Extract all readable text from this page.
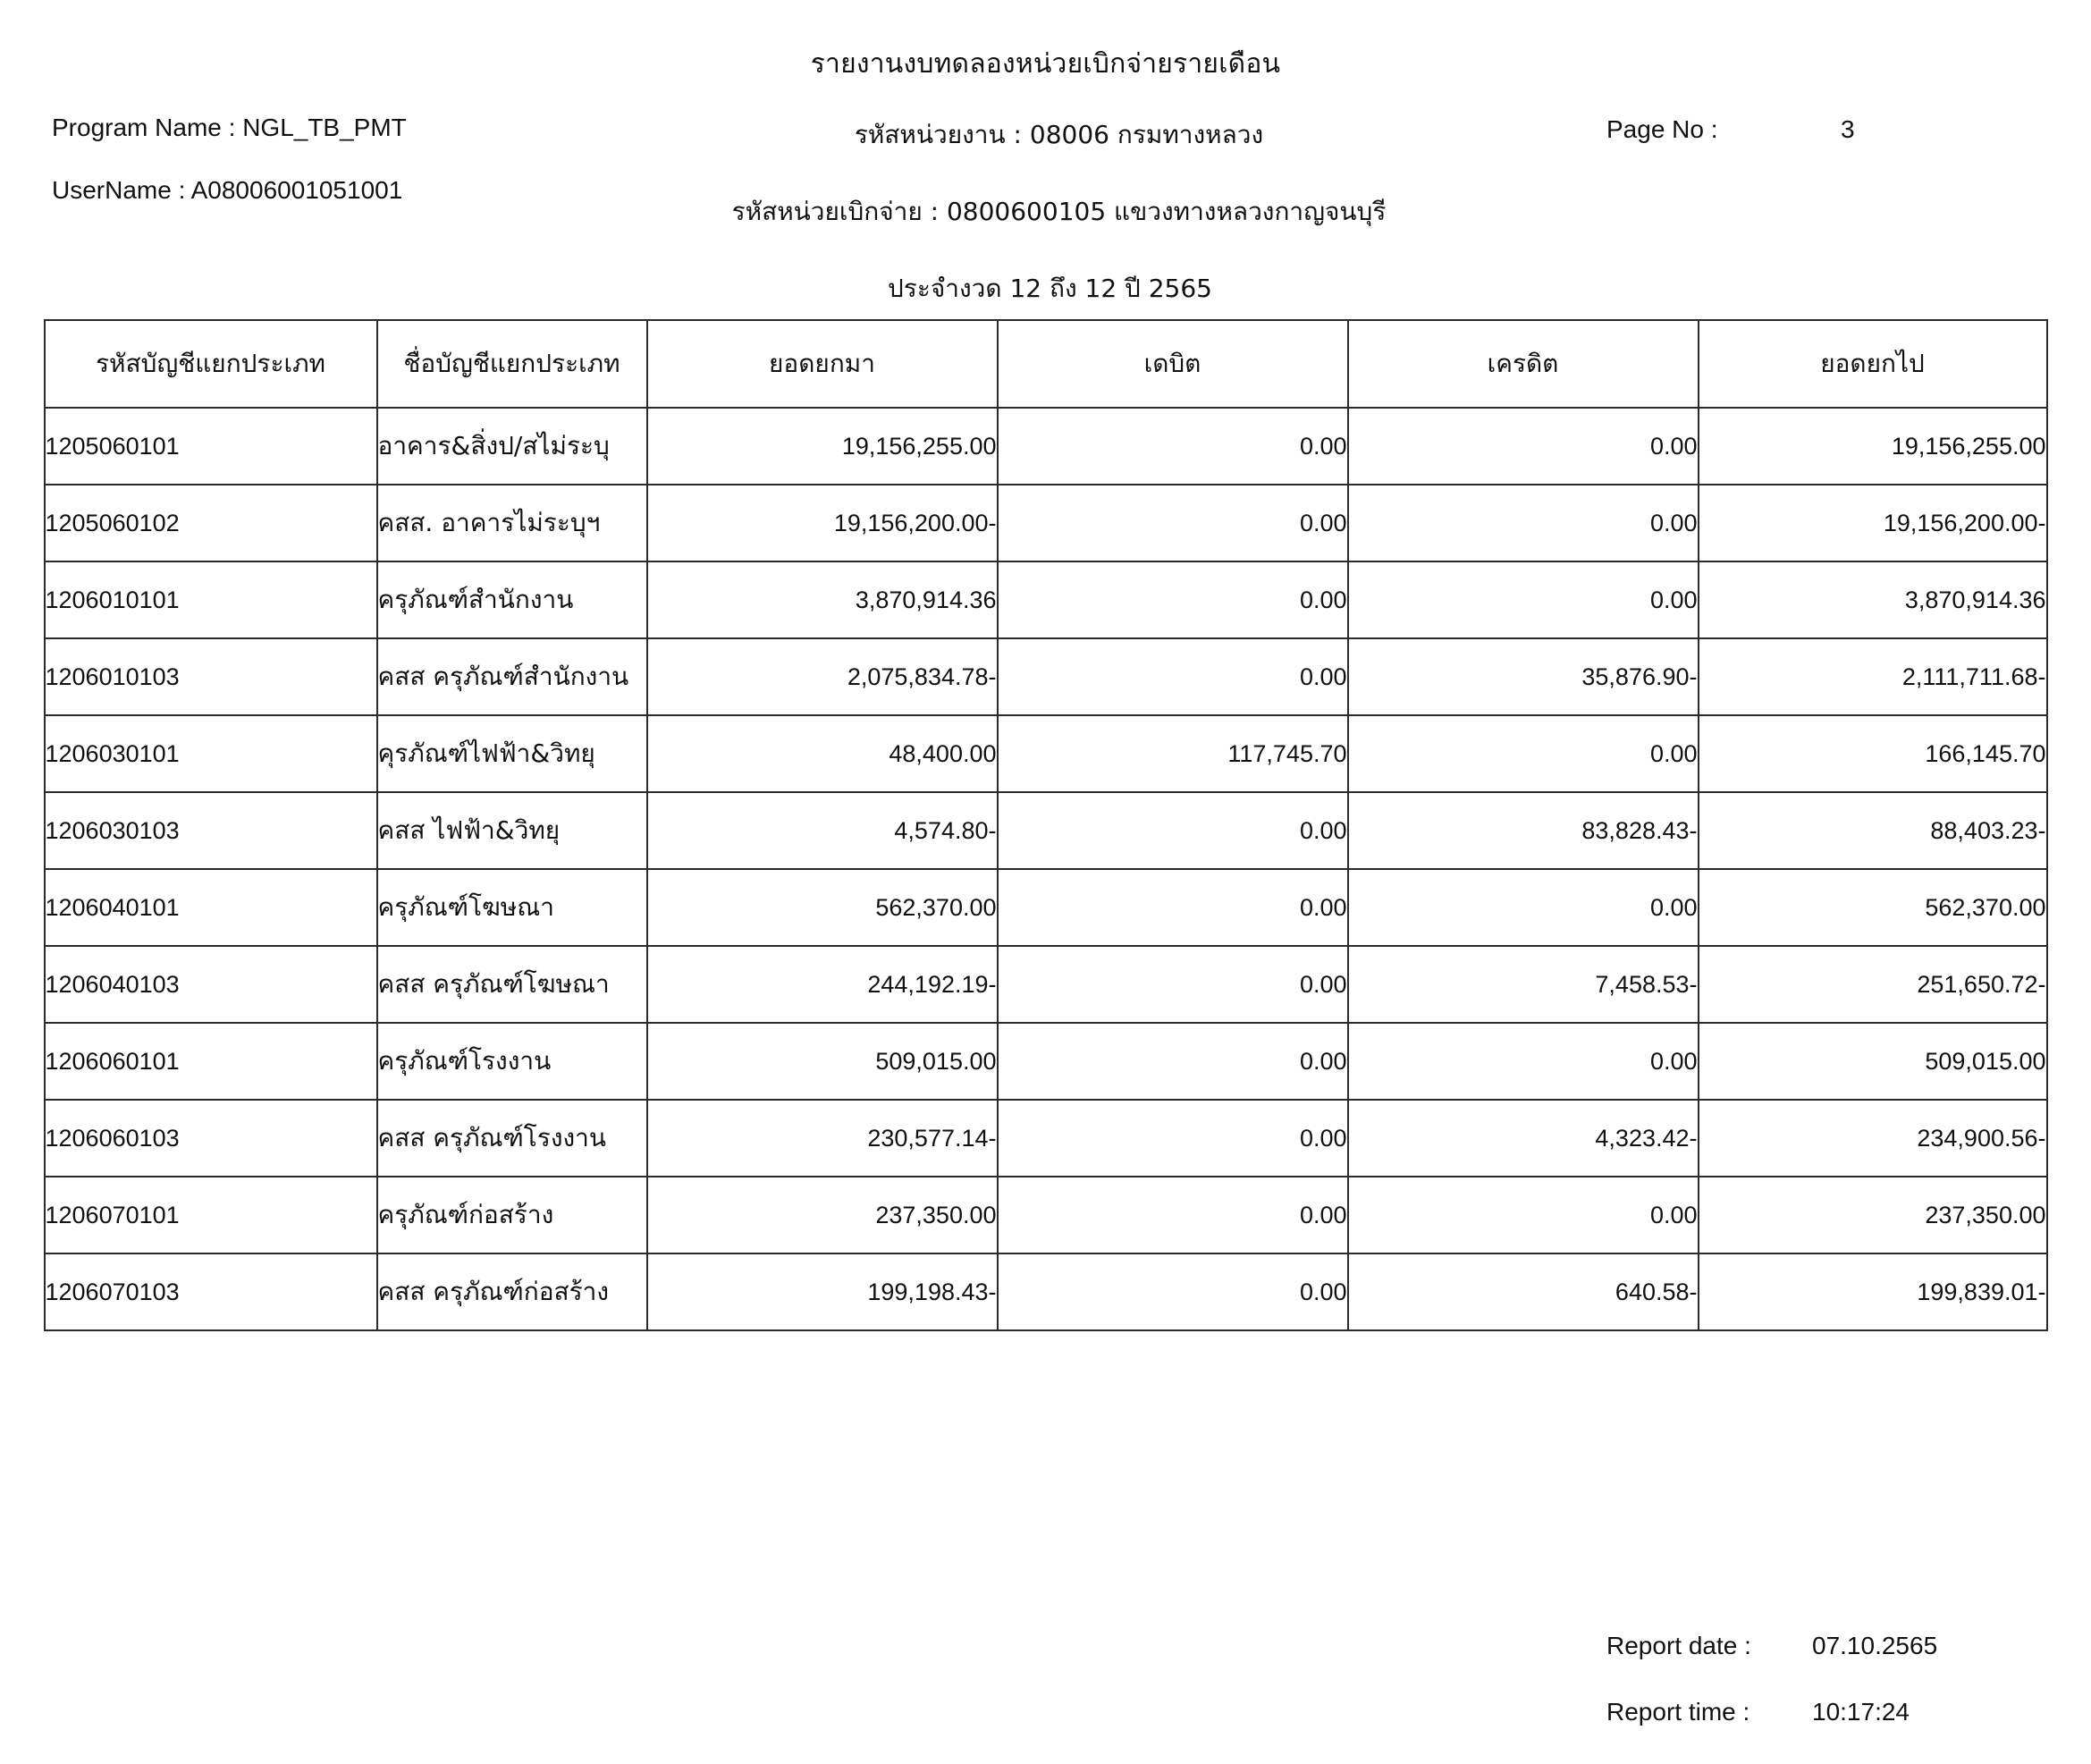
รายงานงบทดลองหน่วยเบิกจ่ายรายเดือน
Program Name : NGL_TB_PMT
UserName : A08006001051001
รหัสหน่วยงาน : 08006 กรมทางหลวง
รหัสหน่วยเบิกจ่าย : 0800600105 แขวงทางหลวงกาญจนบุรี
ประจำงวด 12 ถึง 12 ปี 2565
Page No :	3
Report date :	07.10.2565
Report time :	10:17:24
รหัสบัญชีแยกประเภท	ชื่อบัญชีแยกประเภท	ยอดยกมา	เดบิต	เครดิต	ยอดยกไป
1205060101	อาคาร&สิ่งป/สไม่ระบุ	19,156,255.00	0.00	0.00	19,156,255.00
1205060102	คสส. อาคารไม่ระบุฯ	19,156,200.00-	0.00	0.00	19,156,200.00-
1206010101	ครุภัณฑ์สำนักงาน	3,870,914.36	0.00	0.00	3,870,914.36
1206010103	คสส ครุภัณฑ์สำนักงาน	2,075,834.78-	0.00	35,876.90-	2,111,711.68-
1206030101	คุรภัณฑ์ไฟฟ้า&วิทยุ	48,400.00	117,745.70	0.00	166,145.70
1206030103	คสส ไฟฟ้า&วิทยุ	4,574.80-	0.00	83,828.43-	88,403.23-
1206040101	ครุภัณฑ์โฆษณา	562,370.00	0.00	0.00	562,370.00
1206040103	คสส ครุภัณฑ์โฆษณา	244,192.19-	0.00	7,458.53-	251,650.72-
1206060101	ครุภัณฑ์โรงงาน	509,015.00	0.00	0.00	509,015.00
1206060103	คสส ครุภัณฑ์โรงงาน	230,577.14-	0.00	4,323.42-	234,900.56-
1206070101	ครุภัณฑ์ก่อสร้าง	237,350.00	0.00	0.00	237,350.00
1206070103	คสส ครุภัณฑ์ก่อสร้าง	199,198.43-	0.00	640.58-	199,839.01-
